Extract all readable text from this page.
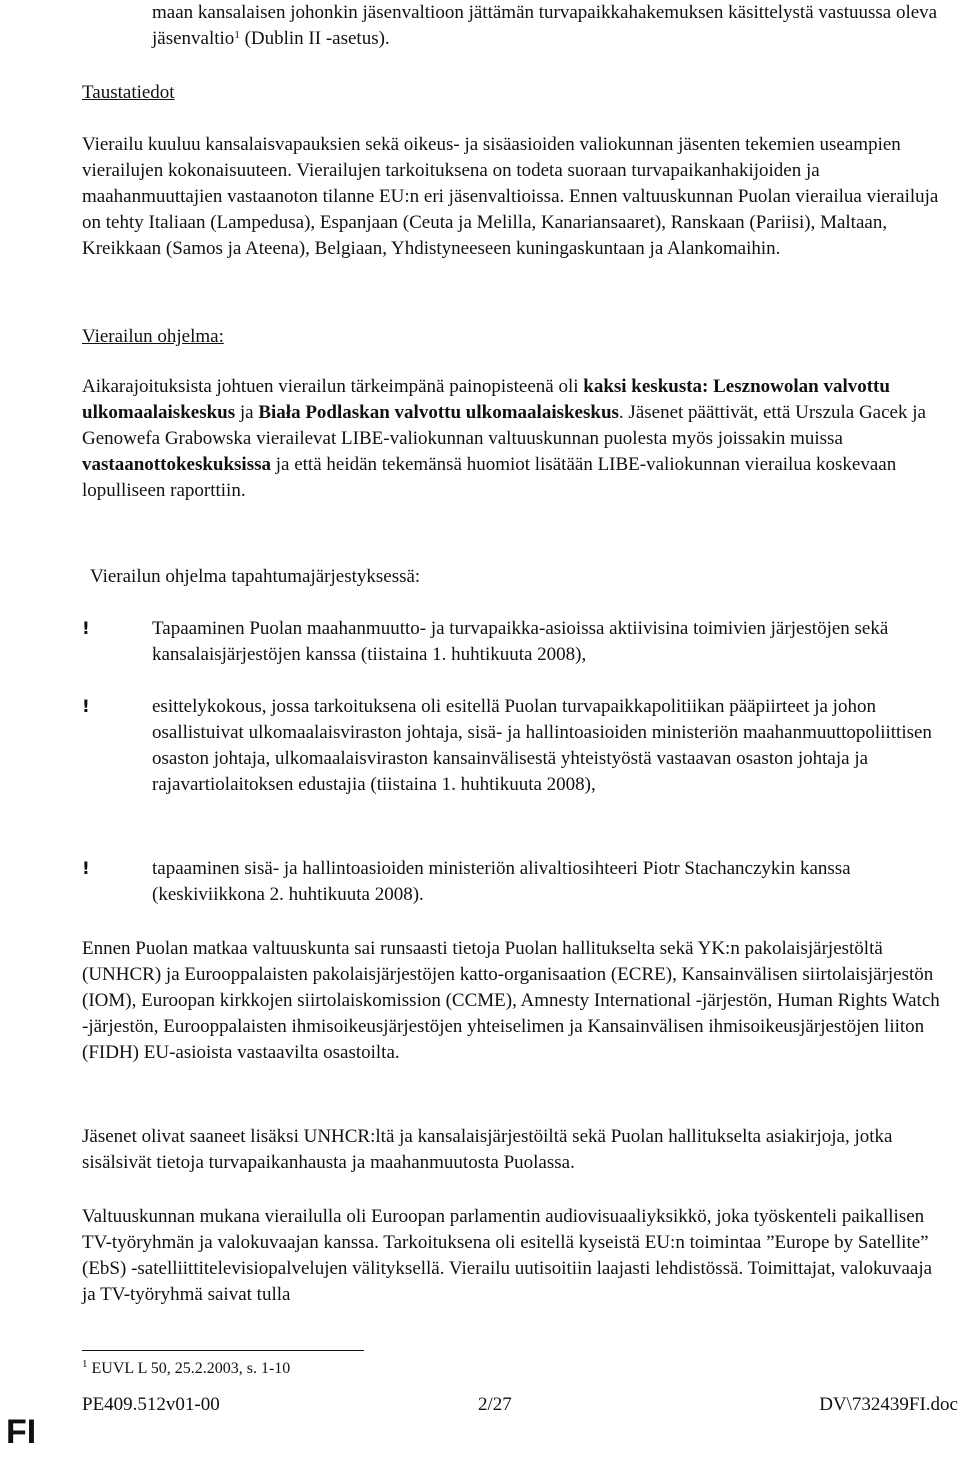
maan kansalaisen johonkin jäsenvaltioon jättämän turvapaikkahakemuksen käsittelystä vastuussa oleva jäsenvaltio$^1$ (Dublin II -asetus).
Taustatiedot
Vierailu kuuluu kansalaisvapauksien sekä oikeus- ja sisäasioiden valiokunnan jäsenten tekemien useampien vierailujen kokonaisuuteen. Vierailujen tarkoituksena on todeta suoraan turvapaikanhakijoiden ja maahanmuuttajien vastaanoton tilanne EU:n eri jäsenvaltioissa. Ennen valtuuskunnan Puolan vierailua vierailuja on tehty Italiaan (Lampedusa), Espanjaan (Ceuta ja Melilla, Kanariansaaret), Ranskaan (Pariisi), Maltaan, Kreikkaan (Samos ja Ateena), Belgiaan, Yhdistyneeseen kuningaskuntaan ja Alankomaihin.
Vierailun ohjelma:
Aikarajoituksista johtuen vierailun tärkeimpänä painopisteenä oli kaksi keskusta: Lesznowolan valvottu ulkomaalaiskeskus ja Biała Podlaskan valvottu ulkomaalaiskeskus. Jäsenet päättivät, että Urszula Gacek ja Genowefa Grabowska vierailevat LIBE-valiokunnan valtuuskunnan puolesta myös joissakin muissa vastaanottokeskuksissa ja että heidän tekemänsä huomiot lisätään LIBE-valiokunnan vierailua koskevaan lopulliseen raporttiin.
Vierailun ohjelma tapahtumajärjestyksessä:
!	Tapaaminen Puolan maahanmuutto- ja turvapaikka-asioissa aktiivisina toimivien järjestöjen sekä kansalaisjärjestöjen kanssa (tiistaina 1. huhtikuuta 2008),
!	esittelykokous, jossa tarkoituksena oli esitellä Puolan turvapaikkapolitiikan pääpiirteet ja johon osallistuivat ulkomaalaisviraston johtaja, sisä- ja hallintoasioiden ministeriön maahanmuuttopoliittisen osaston johtaja, ulkomaalaisviraston kansainvälisestä yhteistyöstä vastaavan osaston johtaja ja rajavartiolaitoksen edustajia (tiistaina 1. huhtikuuta 2008),
!	tapaaminen sisä- ja hallintoasioiden ministeriön alivaltiosihteeri Piotr Stachanczykin kanssa (keskiviikkona 2. huhtikuuta 2008).
Ennen Puolan matkaa valtuuskunta sai runsaasti tietoja Puolan hallitukselta sekä YK:n pakolaisjärjestöltä (UNHCR) ja Eurooppalaisten pakolaisjärjestöjen katto-organisaation (ECRE), Kansainvälisen siirtolaisjärjestön (IOM), Euroopan kirkkojen siirtolaiskomission (CCME), Amnesty International -järjestön, Human Rights Watch -järjestön, Eurooppalaisten ihmisoikeusjärjestöjen yhteiselimen ja Kansainvälisen ihmisoikeusjärjestöjen liiton (FIDH) EU-asioista vastaavilta osastoilta.
Jäsenet olivat saaneet lisäksi UNHCR:ltä ja kansalaisjärjestöiltä sekä Puolan hallitukselta asiakirjoja, jotka sisälsivät tietoja turvapaikanhausta ja maahanmuutosta Puolassa.
Valtuuskunnan mukana vierailulla oli Euroopan parlamentin audiovisuaaliyksikkö, joka työskenteli paikallisen TV-työryhmän ja valokuvaajan kanssa. Tarkoituksena oli esitellä kyseistä EU:n toimintaa ”Europe by Satellite” (EbS) -satelliittitelevisiopalvelujen välityksellä. Vierailu uutisoitiin laajasti lehdistössä. Toimittajat, valokuvaaja ja TV-työryhmä saivat tulla
$^1$ EUVL L 50, 25.2.2003, s. 1-10
PE409.512v01-00	2/27	DV\732439FI.doc
FI
